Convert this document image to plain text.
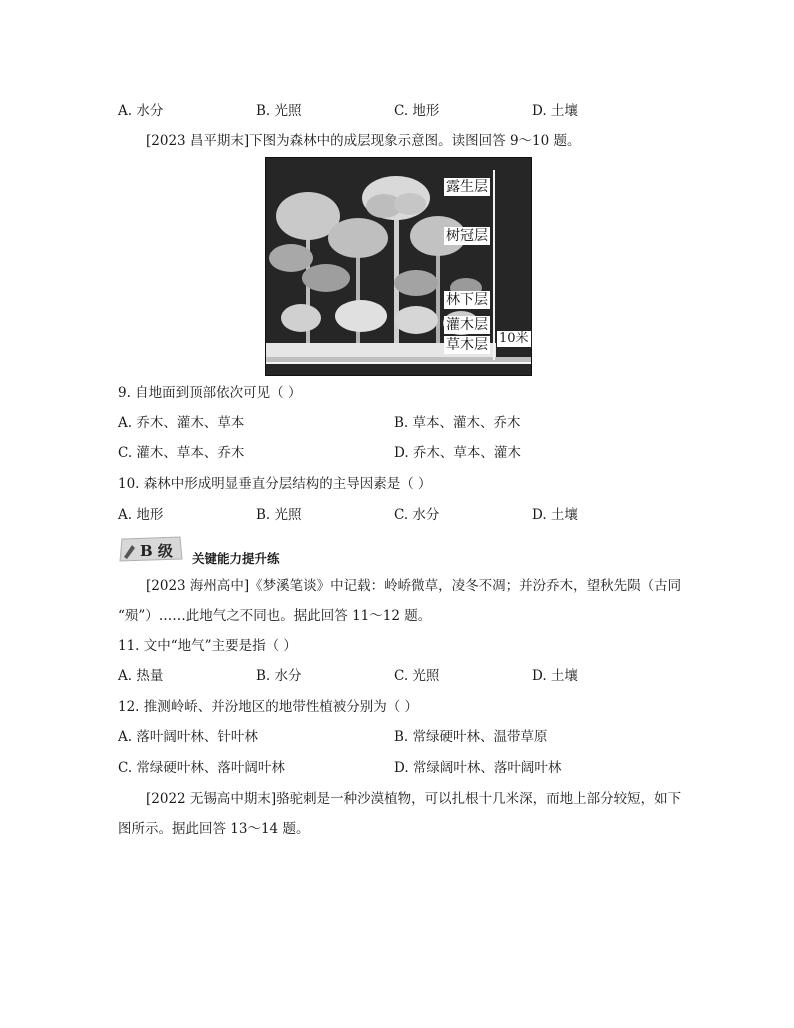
A. 水分	B. 光照	C. 地形	D. 土壤
[2023 昌平期末]下图为森林中的成层现象示意图。读图回答 9～10 题。
露生层
树冠层
林下层
灌木层
草木层 10米
9. 自地面到顶部依次可见（ ）
A. 乔木、灌木、草本	B. 草本、灌木、乔木
C. 灌木、草本、乔木	D. 乔木、草本、灌木
10. 森林中形成明显垂直分层结构的主导因素是（ ）
A. 地形	B. 光照	C. 水分	D. 土壤
B 级 关键能力提升练
[2023 海州高中]《梦溪笔谈》中记载：岭峤微草，凌冬不凋；并汾乔木，望秋先陨（古同
“殒”）……此地气之不同也。据此回答 11～12 题。
11. 文中“地气”主要是指（ ）
A. 热量	B. 水分	C. 光照	D. 土壤
12. 推测岭峤、并汾地区的地带性植被分别为（ ）
A. 落叶阔叶林、针叶林	B. 常绿硬叶林、温带草原
C. 常绿硬叶林、落叶阔叶林	D. 常绿阔叶林、落叶阔叶林
[2022 无锡高中期末]骆驼刺是一种沙漠植物，可以扎根十几米深，而地上部分较短，如下
图所示。据此回答 13～14 题。
